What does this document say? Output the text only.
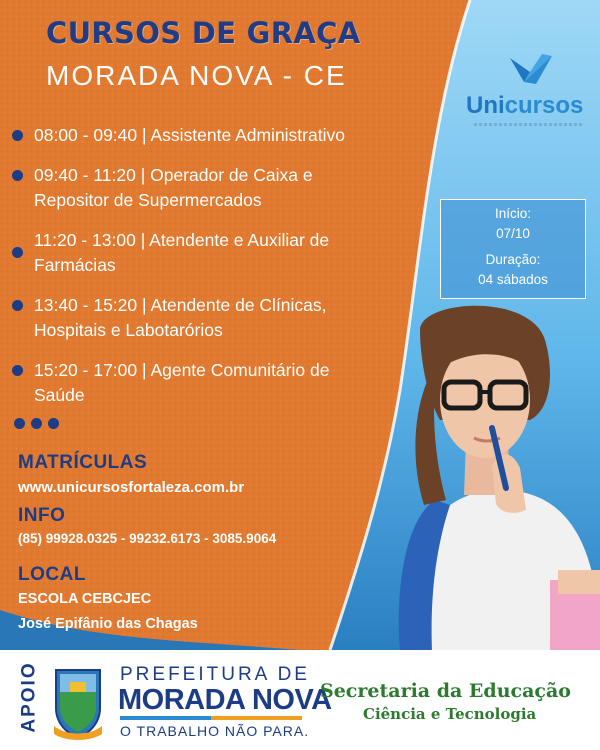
CURSOS DE GRAÇA
MORADA NOVA - CE
Unicursos
08:00 - 09:40 | Assistente Administrativo
09:40 - 11:20 | Operador de Caixa e
Repositor de Supermercados
11:20 - 13:00 | Atendente e Auxiliar de
Farmácias
13:40 - 15:20 | Atendente de Clínicas,
Hospitais e Labotarórios
15:20 - 17:00 | Agente Comunitário de
Saúde
MATRÍCULAS
www.unicursosfortaleza.com.br
INFO
(85) 99928.0325 - 99232.6173 - 3085.9064
LOCAL
ESCOLA CEBCJEC
José Epifânio das Chagas
Início:
07/10
Duração:
04 sábados
APOIO	PREFEITURA DE
MORADA NOVA
O TRABALHO NÃO PARA.
Secretaria da Educação
Ciência e Tecnologia
